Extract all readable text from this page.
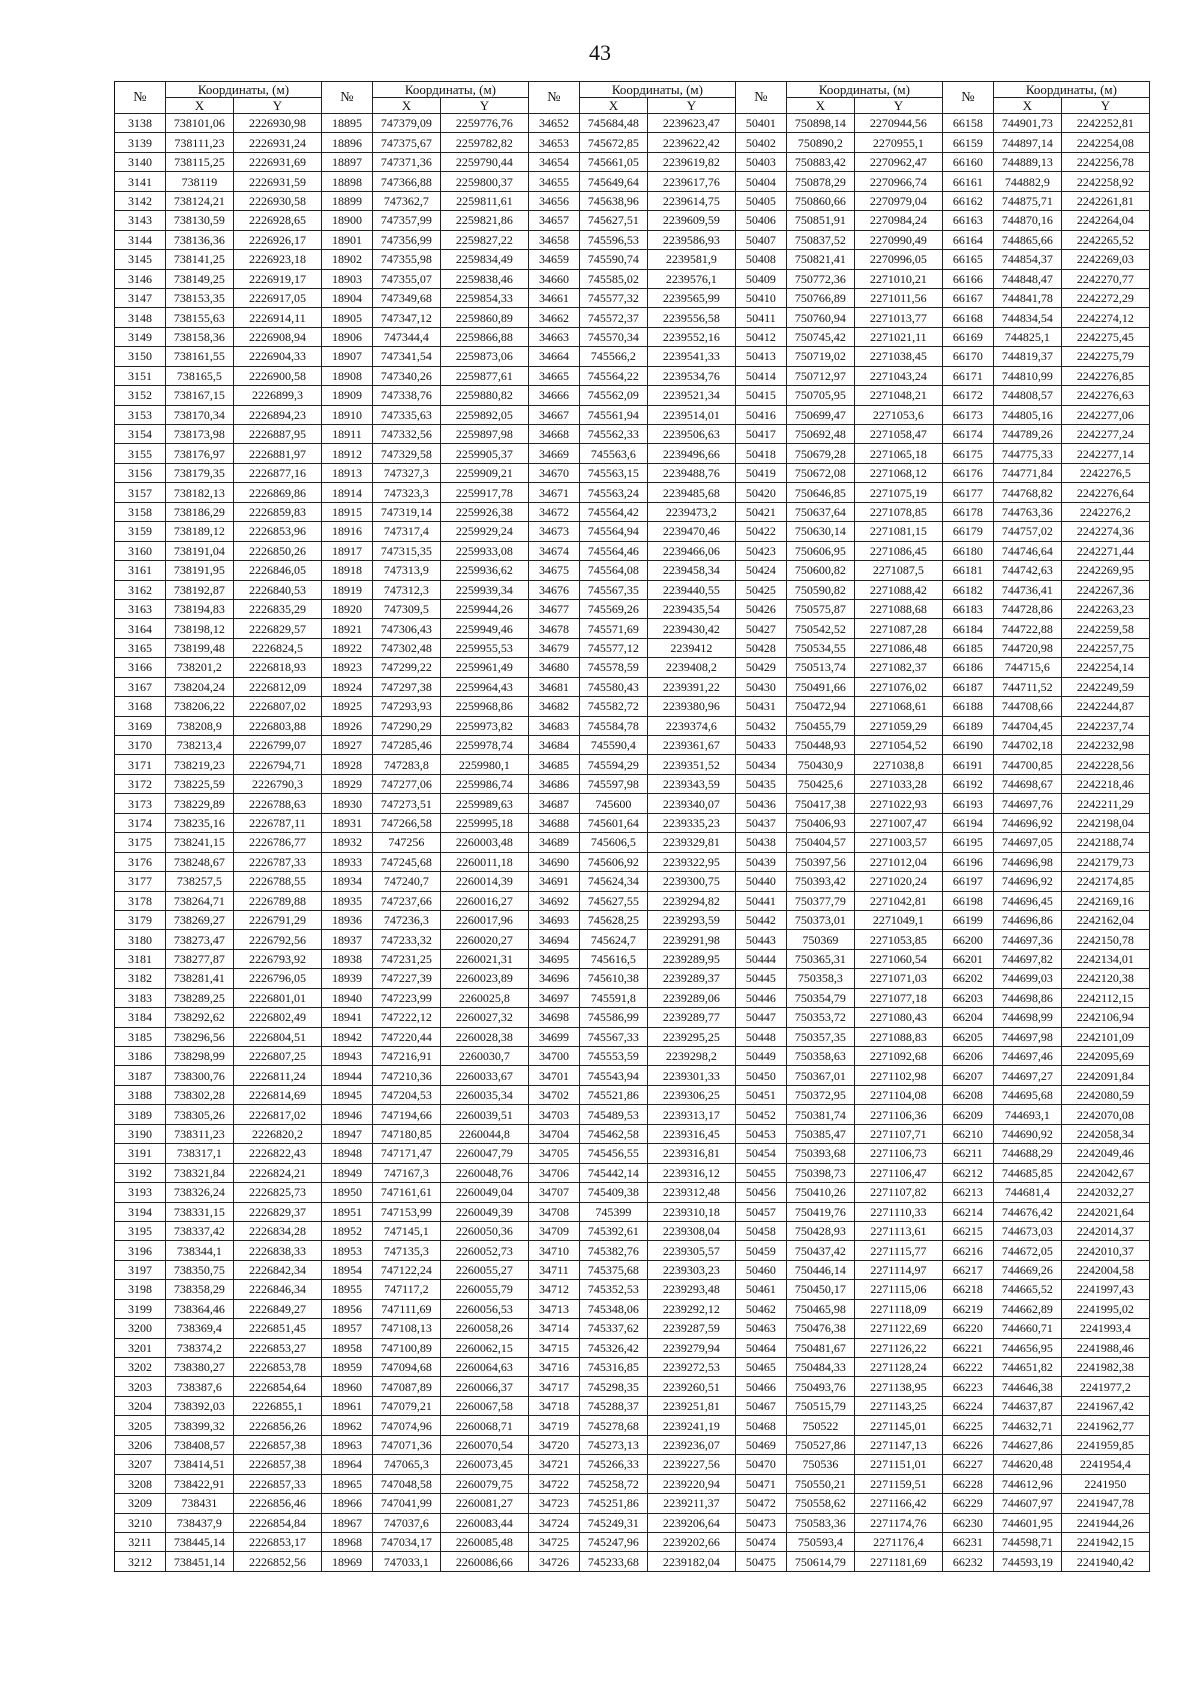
43
№	Координаты, (м)		№	Координаты, (м)		№	Координаты, (м)		№	Координаты, (м)		№	Координаты, (м)	
	X	Y		X	Y		X	Y		X	Y		X	Y
3138	738101,06	2226930,98	18895	747379,09	2259776,76	34652	745684,48	2239623,47	50401	750898,14	2270944,56	66158	744901,73	2242252,81
3139	738111,23	2226931,24	18896	747375,67	2259782,82	34653	745672,85	2239622,42	50402	750890,2	2270955,1	66159	744897,14	2242254,08
3140	738115,25	2226931,69	18897	747371,36	2259790,44	34654	745661,05	2239619,82	50403	750883,42	2270962,47	66160	744889,13	2242256,78
3141	738119	2226931,59	18898	747366,88	2259800,37	34655	745649,64	2239617,76	50404	750878,29	2270966,74	66161	744882,9	2242258,92
3142	738124,21	2226930,58	18899	747362,7	2259811,61	34656	745638,96	2239614,75	50405	750860,66	2270979,04	66162	744875,71	2242261,81
3143	738130,59	2226928,65	18900	747357,99	2259821,86	34657	745627,51	2239609,59	50406	750851,91	2270984,24	66163	744870,16	2242264,04
3144	738136,36	2226926,17	18901	747356,99	2259827,22	34658	745596,53	2239586,93	50407	750837,52	2270990,49	66164	744865,66	2242265,52
3145	738141,25	2226923,18	18902	747355,98	2259834,49	34659	745590,74	2239581,9	50408	750821,41	2270996,05	66165	744854,37	2242269,03
3146	738149,25	2226919,17	18903	747355,07	2259838,46	34660	745585,02	2239576,1	50409	750772,36	2271010,21	66166	744848,47	2242270,77
3147	738153,35	2226917,05	18904	747349,68	2259854,33	34661	745577,32	2239565,99	50410	750766,89	2271011,56	66167	744841,78	2242272,29
3148	738155,63	2226914,11	18905	747347,12	2259860,89	34662	745572,37	2239556,58	50411	750760,94	2271013,77	66168	744834,54	2242274,12
3149	738158,36	2226908,94	18906	747344,4	2259866,88	34663	745570,34	2239552,16	50412	750745,42	2271021,11	66169	744825,1	2242275,45
3150	738161,55	2226904,33	18907	747341,54	2259873,06	34664	745566,2	2239541,33	50413	750719,02	2271038,45	66170	744819,37	2242275,79
3151	738165,5	2226900,58	18908	747340,26	2259877,61	34665	745564,22	2239534,76	50414	750712,97	2271043,24	66171	744810,99	2242276,85
3152	738167,15	2226899,3	18909	747338,76	2259880,82	34666	745562,09	2239521,34	50415	750705,95	2271048,21	66172	744808,57	2242276,63
3153	738170,34	2226894,23	18910	747335,63	2259892,05	34667	745561,94	2239514,01	50416	750699,47	2271053,6	66173	744805,16	2242277,06
3154	738173,98	2226887,95	18911	747332,56	2259897,98	34668	745562,33	2239506,63	50417	750692,48	2271058,47	66174	744789,26	2242277,24
3155	738176,97	2226881,97	18912	747329,58	2259905,37	34669	745563,6	2239496,66	50418	750679,28	2271065,18	66175	744775,33	2242277,14
3156	738179,35	2226877,16	18913	747327,3	2259909,21	34670	745563,15	2239488,76	50419	750672,08	2271068,12	66176	744771,84	2242276,5
3157	738182,13	2226869,86	18914	747323,3	2259917,78	34671	745563,24	2239485,68	50420	750646,85	2271075,19	66177	744768,82	2242276,64
3158	738186,29	2226859,83	18915	747319,14	2259926,38	34672	745564,42	2239473,2	50421	750637,64	2271078,85	66178	744763,36	2242276,2
3159	738189,12	2226853,96	18916	747317,4	2259929,24	34673	745564,94	2239470,46	50422	750630,14	2271081,15	66179	744757,02	2242274,36
3160	738191,04	2226850,26	18917	747315,35	2259933,08	34674	745564,46	2239466,06	50423	750606,95	2271086,45	66180	744746,64	2242271,44
3161	738191,95	2226846,05	18918	747313,9	2259936,62	34675	745564,08	2239458,34	50424	750600,82	2271087,5	66181	744742,63	2242269,95
3162	738192,87	2226840,53	18919	747312,3	2259939,34	34676	745567,35	2239440,55	50425	750590,82	2271088,42	66182	744736,41	2242267,36
3163	738194,83	2226835,29	18920	747309,5	2259944,26	34677	745569,26	2239435,54	50426	750575,87	2271088,68	66183	744728,86	2242263,23
3164	738198,12	2226829,57	18921	747306,43	2259949,46	34678	745571,69	2239430,42	50427	750542,52	2271087,28	66184	744722,88	2242259,58
3165	738199,48	2226824,5	18922	747302,48	2259955,53	34679	745577,12	2239412	50428	750534,55	2271086,48	66185	744720,98	2242257,75
3166	738201,2	2226818,93	18923	747299,22	2259961,49	34680	745578,59	2239408,2	50429	750513,74	2271082,37	66186	744715,6	2242254,14
3167	738204,24	2226812,09	18924	747297,38	2259964,43	34681	745580,43	2239391,22	50430	750491,66	2271076,02	66187	744711,52	2242249,59
3168	738206,22	2226807,02	18925	747293,93	2259968,86	34682	745582,72	2239380,96	50431	750472,94	2271068,61	66188	744708,66	2242244,87
3169	738208,9	2226803,88	18926	747290,29	2259973,82	34683	745584,78	2239374,6	50432	750455,79	2271059,29	66189	744704,45	2242237,74
3170	738213,4	2226799,07	18927	747285,46	2259978,74	34684	745590,4	2239361,67	50433	750448,93	2271054,52	66190	744702,18	2242232,98
3171	738219,23	2226794,71	18928	747283,8	2259980,1	34685	745594,29	2239351,52	50434	750430,9	2271038,8	66191	744700,85	2242228,56
3172	738225,59	2226790,3	18929	747277,06	2259986,74	34686	745597,98	2239343,59	50435	750425,6	2271033,28	66192	744698,67	2242218,46
3173	738229,89	2226788,63	18930	747273,51	2259989,63	34687	745600	2239340,07	50436	750417,38	2271022,93	66193	744697,76	2242211,29
3174	738235,16	2226787,11	18931	747266,58	2259995,18	34688	745601,64	2239335,23	50437	750406,93	2271007,47	66194	744696,92	2242198,04
3175	738241,15	2226786,77	18932	747256	2260003,48	34689	745606,5	2239329,81	50438	750404,57	2271003,57	66195	744697,05	2242188,74
3176	738248,67	2226787,33	18933	747245,68	2260011,18	34690	745606,92	2239322,95	50439	750397,56	2271012,04	66196	744696,98	2242179,73
3177	738257,5	2226788,55	18934	747240,7	2260014,39	34691	745624,34	2239300,75	50440	750393,42	2271020,24	66197	744696,92	2242174,85
3178	738264,71	2226789,88	18935	747237,66	2260016,27	34692	745627,55	2239294,82	50441	750377,79	2271042,81	66198	744696,45	2242169,16
3179	738269,27	2226791,29	18936	747236,3	2260017,96	34693	745628,25	2239293,59	50442	750373,01	2271049,1	66199	744696,86	2242162,04
3180	738273,47	2226792,56	18937	747233,32	2260020,27	34694	745624,7	2239291,98	50443	750369	2271053,85	66200	744697,36	2242150,78
3181	738277,87	2226793,92	18938	747231,25	2260021,31	34695	745616,5	2239289,95	50444	750365,31	2271060,54	66201	744697,82	2242134,01
3182	738281,41	2226796,05	18939	747227,39	2260023,89	34696	745610,38	2239289,37	50445	750358,3	2271071,03	66202	744699,03	2242120,38
3183	738289,25	2226801,01	18940	747223,99	2260025,8	34697	745591,8	2239289,06	50446	750354,79	2271077,18	66203	744698,86	2242112,15
3184	738292,62	2226802,49	18941	747222,12	2260027,32	34698	745586,99	2239289,77	50447	750353,72	2271080,43	66204	744698,99	2242106,94
3185	738296,56	2226804,51	18942	747220,44	2260028,38	34699	745567,33	2239295,25	50448	750357,35	2271088,83	66205	744697,98	2242101,09
3186	738298,99	2226807,25	18943	747216,91	2260030,7	34700	745553,59	2239298,2	50449	750358,63	2271092,68	66206	744697,46	2242095,69
3187	738300,76	2226811,24	18944	747210,36	2260033,67	34701	745543,94	2239301,33	50450	750367,01	2271102,98	66207	744697,27	2242091,84
3188	738302,28	2226814,69	18945	747204,53	2260035,34	34702	745521,86	2239306,25	50451	750372,95	2271104,08	66208	744695,68	2242080,59
3189	738305,26	2226817,02	18946	747194,66	2260039,51	34703	745489,53	2239313,17	50452	750381,74	2271106,36	66209	744693,1	2242070,08
3190	738311,23	2226820,2	18947	747180,85	2260044,8	34704	745462,58	2239316,45	50453	750385,47	2271107,71	66210	744690,92	2242058,34
3191	738317,1	2226822,43	18948	747171,47	2260047,79	34705	745456,55	2239316,81	50454	750393,68	2271106,73	66211	744688,29	2242049,46
3192	738321,84	2226824,21	18949	747167,3	2260048,76	34706	745442,14	2239316,12	50455	750398,73	2271106,47	66212	744685,85	2242042,67
3193	738326,24	2226825,73	18950	747161,61	2260049,04	34707	745409,38	2239312,48	50456	750410,26	2271107,82	66213	744681,4	2242032,27
3194	738331,15	2226829,37	18951	747153,99	2260049,39	34708	745399	2239310,18	50457	750419,76	2271110,33	66214	744676,42	2242021,64
3195	738337,42	2226834,28	18952	747145,1	2260050,36	34709	745392,61	2239308,04	50458	750428,93	2271113,61	66215	744673,03	2242014,37
3196	738344,1	2226838,33	18953	747135,3	2260052,73	34710	745382,76	2239305,57	50459	750437,42	2271115,77	66216	744672,05	2242010,37
3197	738350,75	2226842,34	18954	747122,24	2260055,27	34711	745375,68	2239303,23	50460	750446,14	2271114,97	66217	744669,26	2242004,58
3198	738358,29	2226846,34	18955	747117,2	2260055,79	34712	745352,53	2239293,48	50461	750450,17	2271115,06	66218	744665,52	2241997,43
3199	738364,46	2226849,27	18956	747111,69	2260056,53	34713	745348,06	2239292,12	50462	750465,98	2271118,09	66219	744662,89	2241995,02
3200	738369,4	2226851,45	18957	747108,13	2260058,26	34714	745337,62	2239287,59	50463	750476,38	2271122,69	66220	744660,71	2241993,4
3201	738374,2	2226853,27	18958	747100,89	2260062,15	34715	745326,42	2239279,94	50464	750481,67	2271126,22	66221	744656,95	2241988,46
3202	738380,27	2226853,78	18959	747094,68	2260064,63	34716	745316,85	2239272,53	50465	750484,33	2271128,24	66222	744651,82	2241982,38
3203	738387,6	2226854,64	18960	747087,89	2260066,37	34717	745298,35	2239260,51	50466	750493,76	2271138,95	66223	744646,38	2241977,2
3204	738392,03	2226855,1	18961	747079,21	2260067,58	34718	745288,37	2239251,81	50467	750515,79	2271143,25	66224	744637,87	2241967,42
3205	738399,32	2226856,26	18962	747074,96	2260068,71	34719	745278,68	2239241,19	50468	750522	2271145,01	66225	744632,71	2241962,77
3206	738408,57	2226857,38	18963	747071,36	2260070,54	34720	745273,13	2239236,07	50469	750527,86	2271147,13	66226	744627,86	2241959,85
3207	738414,51	2226857,38	18964	747065,3	2260073,45	34721	745266,33	2239227,56	50470	750536	2271151,01	66227	744620,48	2241954,4
3208	738422,91	2226857,33	18965	747048,58	2260079,75	34722	745258,72	2239220,94	50471	750550,21	2271159,51	66228	744612,96	2241950
3209	738431	2226856,46	18966	747041,99	2260081,27	34723	745251,86	2239211,37	50472	750558,62	2271166,42	66229	744607,97	2241947,78
3210	738437,9	2226854,84	18967	747037,6	2260083,44	34724	745249,31	2239206,64	50473	750583,36	2271174,76	66230	744601,95	2241944,26
3211	738445,14	2226853,17	18968	747034,17	2260085,48	34725	745247,96	2239202,66	50474	750593,4	2271176,4	66231	744598,71	2241942,15
3212	738451,14	2226852,56	18969	747033,1	2260086,66	34726	745233,68	2239182,04	50475	750614,79	2271181,69	66232	744593,19	2241940,42
